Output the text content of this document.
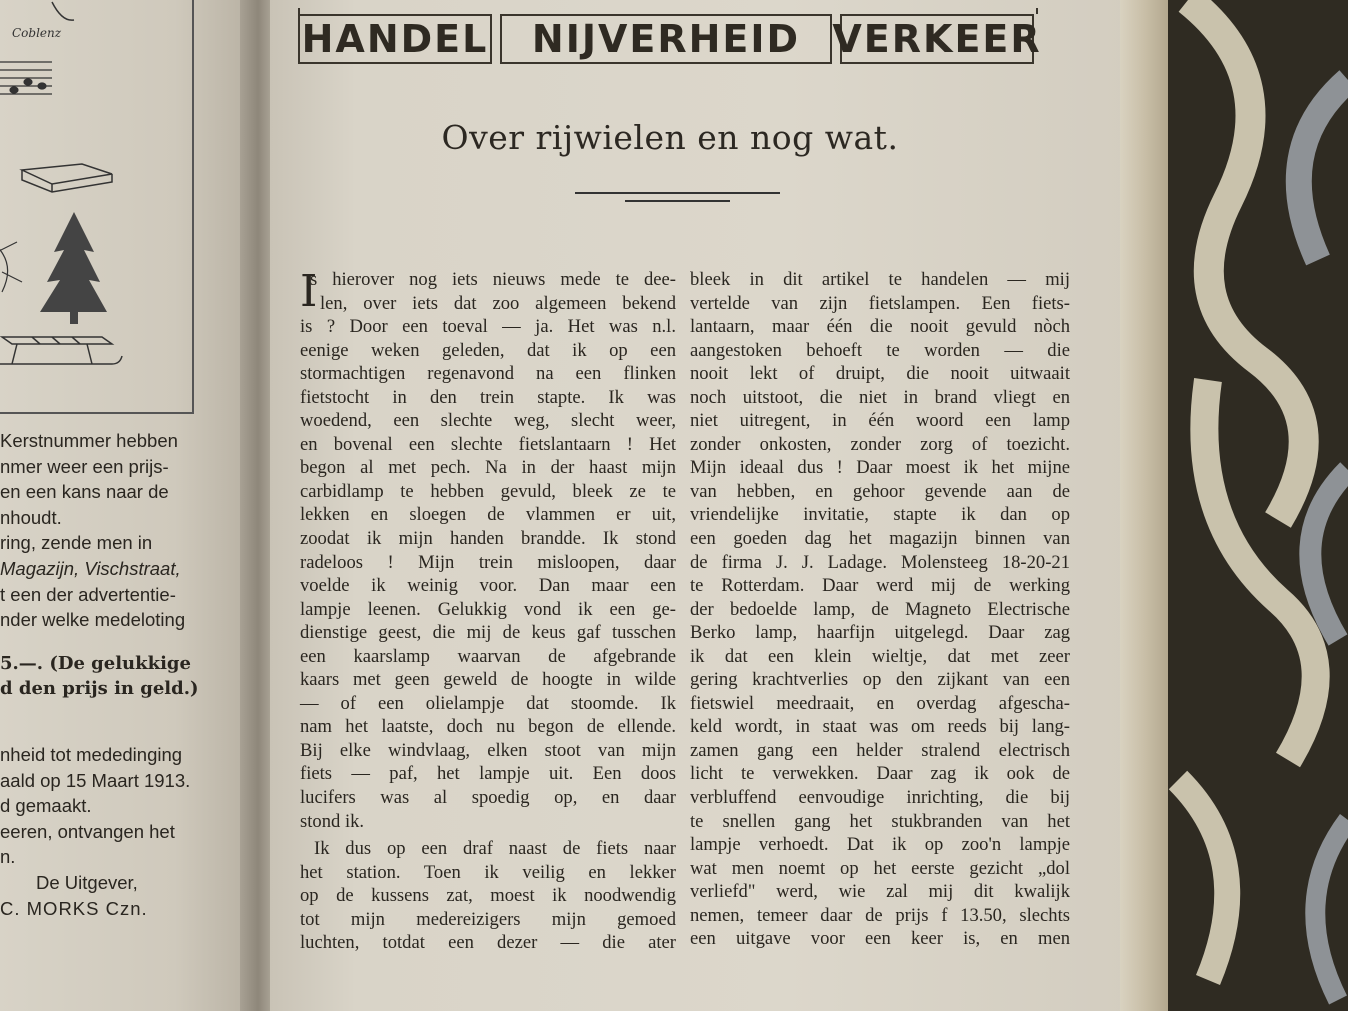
Coblenz
Kerstnummer hebben
nmer weer een prijs-
en een kans naar de
nhoudt.
ring, zende men in
Magazijn, Vischstraat,
t een der advertentie-
nder welke medeloting
5.—. (De gelukkige
d den prijs in geld.)
nheid tot mededinging
aald op 15 Maart 1913.
d gemaakt.
eeren, ontvangen het
n.
De Uitgever,
C. MORKS Czn.
HANDEL	NIJVERHEID VERKEER
Over rijwielen en nog wat.
I
s hierover nog iets nieuws mede te dee-
len, over iets dat zoo algemeen bekend
is ? Door een toeval — ja. Het was n.l.
eenige weken geleden, dat ik op een
stormachtigen regenavond na een flinken
fietstocht in den trein stapte. Ik was
woedend, een slechte weg, slecht weer,
en bovenal een slechte fietslantaarn ! Het
begon al met pech. Na in der haast mijn
carbidlamp te hebben gevuld, bleek ze te
lekken en sloegen de vlammen er uit,
zoodat ik mijn handen brandde. Ik stond
radeloos ! Mijn trein misloopen, daar
voelde ik weinig voor. Dan maar een
lampje leenen. Gelukkig vond ik een ge-
dienstige geest, die mij de keus gaf tusschen
een kaarslamp waarvan de afgebrande
kaars met geen geweld de hoogte in wilde
— of een olielampje dat stoomde. Ik
nam het laatste, doch nu begon de ellende.
Bij elke windvlaag, elken stoot van mijn
fiets — paf, het lampje uit. Een doos
lucifers was al spoedig op, en daar
stond ik.
Ik dus op een draf naast de fiets naar
het station. Toen ik veilig en lekker
op de kussens zat, moest ik noodwendig
tot mijn medereizigers mijn gemoed
luchten, totdat een dezer — die ater
bleek in dit artikel te handelen — mij
vertelde van zijn fietslampen. Een fiets-
lantaarn, maar één die nooit gevuld nòch
aangestoken behoeft te worden — die
nooit lekt of druipt, die nooit uitwaait
noch uitstoot, die niet in brand vliegt en
niet uitregent, in één woord een lamp
zonder onkosten, zonder zorg of toezicht.
Mijn ideaal dus ! Daar moest ik het mijne
van hebben, en gehoor gevende aan de
vriendelijke invitatie, stapte ik dan op
een goeden dag het magazijn binnen van
de firma J. J. Ladage. Molensteeg 18-20-21
te Rotterdam. Daar werd mij de werking
der bedoelde lamp, de Magneto Electrische
Berko lamp, haarfijn uitgelegd. Daar zag
ik dat een klein wieltje, dat met zeer
gering krachtverlies op den zijkant van een
fietswiel meedraait, en overdag afgescha-
keld wordt, in staat was om reeds bij lang-
zamen gang een helder stralend electrisch
licht te verwekken. Daar zag ik ook de
verbluffend eenvoudige inrichting, die bij
te snellen gang het stukbranden van het
lampje verhoedt. Dat ik op zoo'n lampje
wat men noemt op het eerste gezicht „dol
verliefd" werd, wie zal mij dit kwalijk
nemen, temeer daar de prijs f 13.50, slechts
een uitgave voor een keer is, en men
